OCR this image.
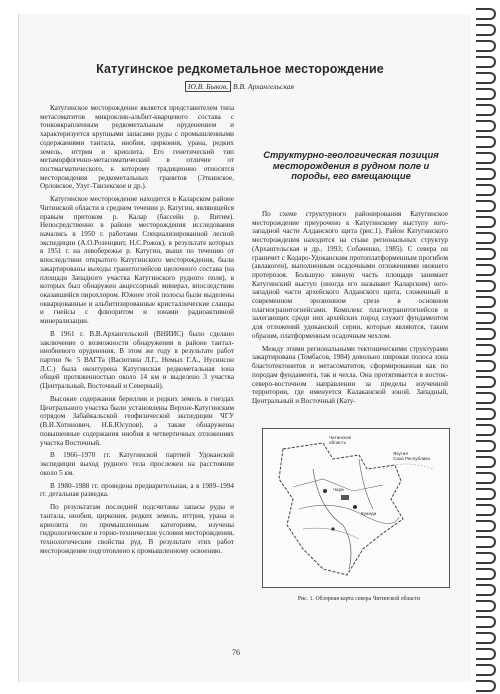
Катугинское редкометальное месторождение
Ю.В. Быков, В.В. Архангельская

Катугинское месторождение является представителем типа метасоматитов микроклин-альбит-кварцевого состава с тонковкрапленным редкометальным оруденением и характеризуется крупными запасами руды с промышленными содержаниями тантала, ниобия, циркония, урана, редких земель, иттрия и криолита. Его генетический тип метаморфогенно-метасоматический в отличие от постмагматического, к которому традиционно относятся месторождения редкометальных гранитов (Эткинское, Орловское, Улуг-Танзекское и др.).

Катугинское месторождение находится в Каларском районе Читинской области в среднем течении р. Катугин, являющейся правым притоком р. Калар (бассейн р. Витим). Непосредственно в районе месторождения исследования начались в 1950 г. работами Специализированной лесной экспедиции (А.О.Розенцвит, Н.С.Рожок), в результате которых в 1951 г. на левобережье р. Катугин, выше по течению от впоследствии открытого Катугинского месторождения, были закартированы выходы гранитогнейсов щелочного состава (на площади Западного участка Катугинского рудного поля), в которых был обнаружен акцессорный минерал, впоследствии оказавшийся пирохлором. Южнее этой полосы были выделены окварцованные и альбитизированные кристаллические сланцы и гнейсы с флюоритом и зонами радиоактивной минерализации.

В 1961 г. В.В.Архангельской (ВНИИС) было сделано заключение о возможности обнаружения в районе тантал-ниобиевого оруденения. В этом же году в результате работ партии № 5 ВАГТа (Васютина Л.Г., Немых Г.А., Нусинсон Л.С.) была оконтурена Катугинская редкометальная зона общей протяженностью около 14 км и выделено 3 участка (Центральный, Восточный и Северный).

Высокие содержания бериллия и редких земель в гнездах Центрального участка были установлены Верхне-Катугинским отрядом Забайкальской геофизической экспедиции ЧГУ (В.И.Хотинович, Н.Б.Юсупов), а также обнаружены повышенные содержания ниобия в четвертичных отложениях участка Восточный.

В 1966–1970 гг. Катугинской партией Удоканской экспедиции выход рудного тела прослежен на расстоянии около 5 км.

В 1980–1988 гг. проведена предварительная, а в 1989–1994 гг. детальная разведка.

По результатам последней подсчитаны запасы руды и тантала, ниобия, циркония, редких земель, иттрия, урана и криолита по промышленным категориям, изучены гидрологические и горно-технические условия месторождения, технологические свойства руд. В результате этих работ месторождение подготовлено к промышленному освоению.

Структурно-геологическая позиция месторождения в рудном поле и породы, его вмещающие

По схеме структурного районирования Катугинское месторождение приурочено к Катугинскому выступу юго-западной части Алданского щита (рис.1). Район Катугинского месторождения находится на стыке региональных структур (Архангельская и др., 1993; Собаченко, 1985). С севера он граничит с Кодаро-Удоканским протоплатформенным прогибом (авлакоген), выполненным осадочными отложениями нижнего протерозоя. Большую южную часть площади занимает Катугинский выступ (иногда его называют Каларским) юго-западной части архейского Алданского щита, сложенный в современном эрозионном срезе в основном плагиогранитогнейсами. Комплекс плагиогранитогнейсов и залегающих среди них архейских пород служит фундаментом для отложений удоканской серии, которые являются, таким образом, платформенным осадочным чехлом.

Между этими региональными тектоническими структурами закартирована (Томбасов, 1984) довольно широкая полоса зона бластотектонитов и метасоматитов, сформированная как по породам фундамента, так и чехла. Она протягивается в восток-северо-восточном направлении за пределы изученной территории, где именуется Калаканской зоной. Западный, Центральный и Восточный (Кату-

Читинская
область
Якутия
Саха Республика
Чара
Куанда
Рис. 1. Обзорная карта севера Читинской области
76
